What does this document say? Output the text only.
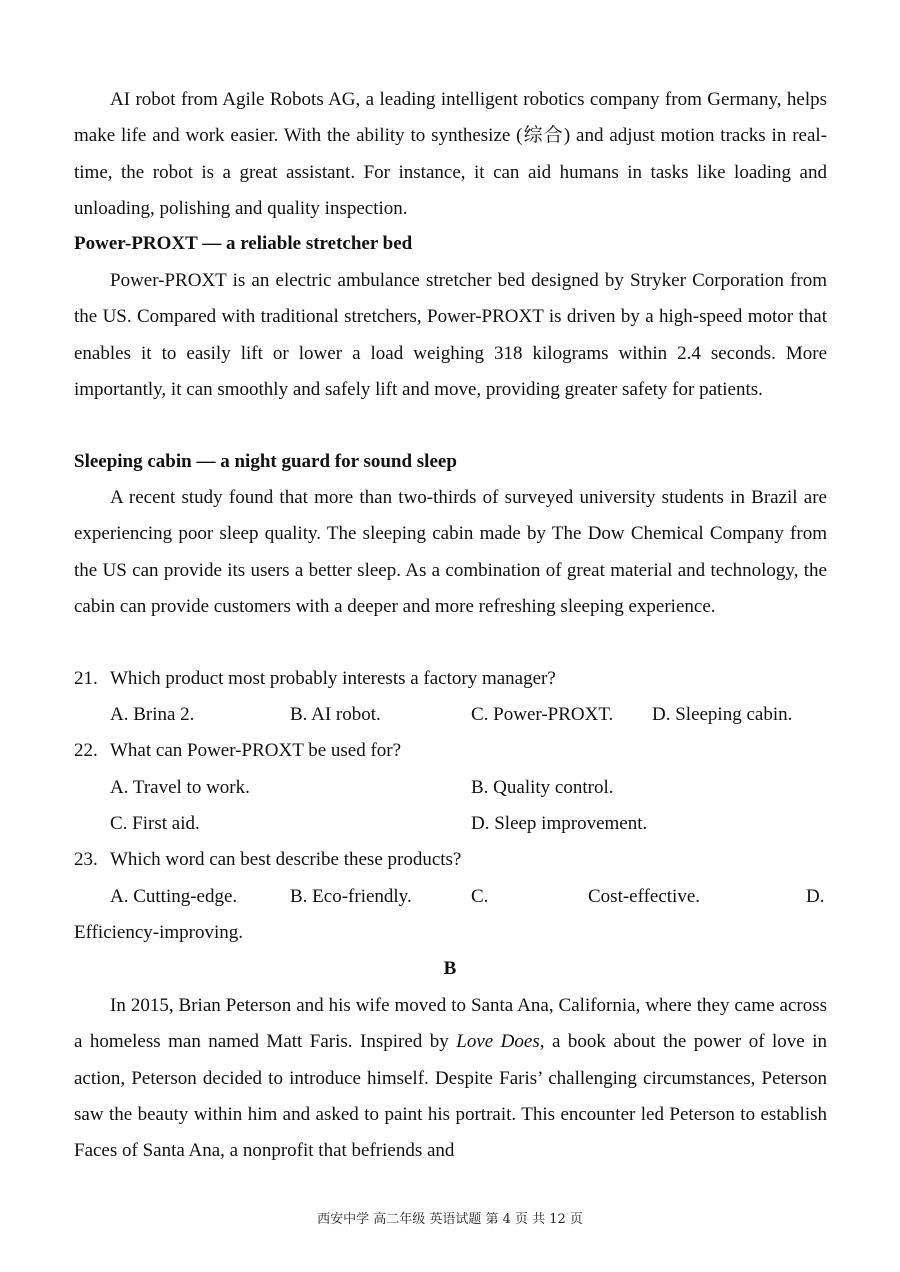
AI robot from Agile Robots AG, a leading intelligent robotics company from Germany, helps make life and work easier. With the ability to synthesize (综合) and adjust motion tracks in real-time, the robot is a great assistant. For instance, it can aid humans in tasks like loading and unloading, polishing and quality inspection.

Power-PROXT — a reliable stretcher bed

Power-PROXT is an electric ambulance stretcher bed designed by Stryker Corporation from the US. Compared with traditional stretchers, Power-PROXT is driven by a high-speed motor that enables it to easily lift or lower a load weighing 318 kilograms within 2.4 seconds. More importantly, it can smoothly and safely lift and move, providing greater safety for patients.

Sleeping cabin — a night guard for sound sleep

A recent study found that more than two-thirds of surveyed university students in Brazil are experiencing poor sleep quality. The sleeping cabin made by The Dow Chemical Company from the US can provide its users a better sleep. As a combination of great material and technology, the cabin can provide customers with a deeper and more refreshing sleeping experience.

21. Which product most probably interests a factory manager?
A. Brina 2.	B. AI robot.	C. Power-PROXT. D. Sleeping cabin.
22. What can Power-PROXT be used for?
A. Travel to work.	B. Quality control.
C. First aid.	D. Sleep improvement.
23. Which word can best describe these products?
A. Cutting-edge.	B. Eco-friendly.	C.	Cost-effective.	D.
Efficiency-improving.
B

In 2015, Brian Peterson and his wife moved to Santa Ana, California, where they came across a homeless man named Matt Faris. Inspired by Love Does, a book about the power of love in action, Peterson decided to introduce himself. Despite Faris’ challenging circumstances, Peterson saw the beauty within him and asked to paint his portrait. This encounter led Peterson to establish Faces of Santa Ana, a nonprofit that befriends and

西安中学 高二年级 英语试题 第 4 页 共 12 页
